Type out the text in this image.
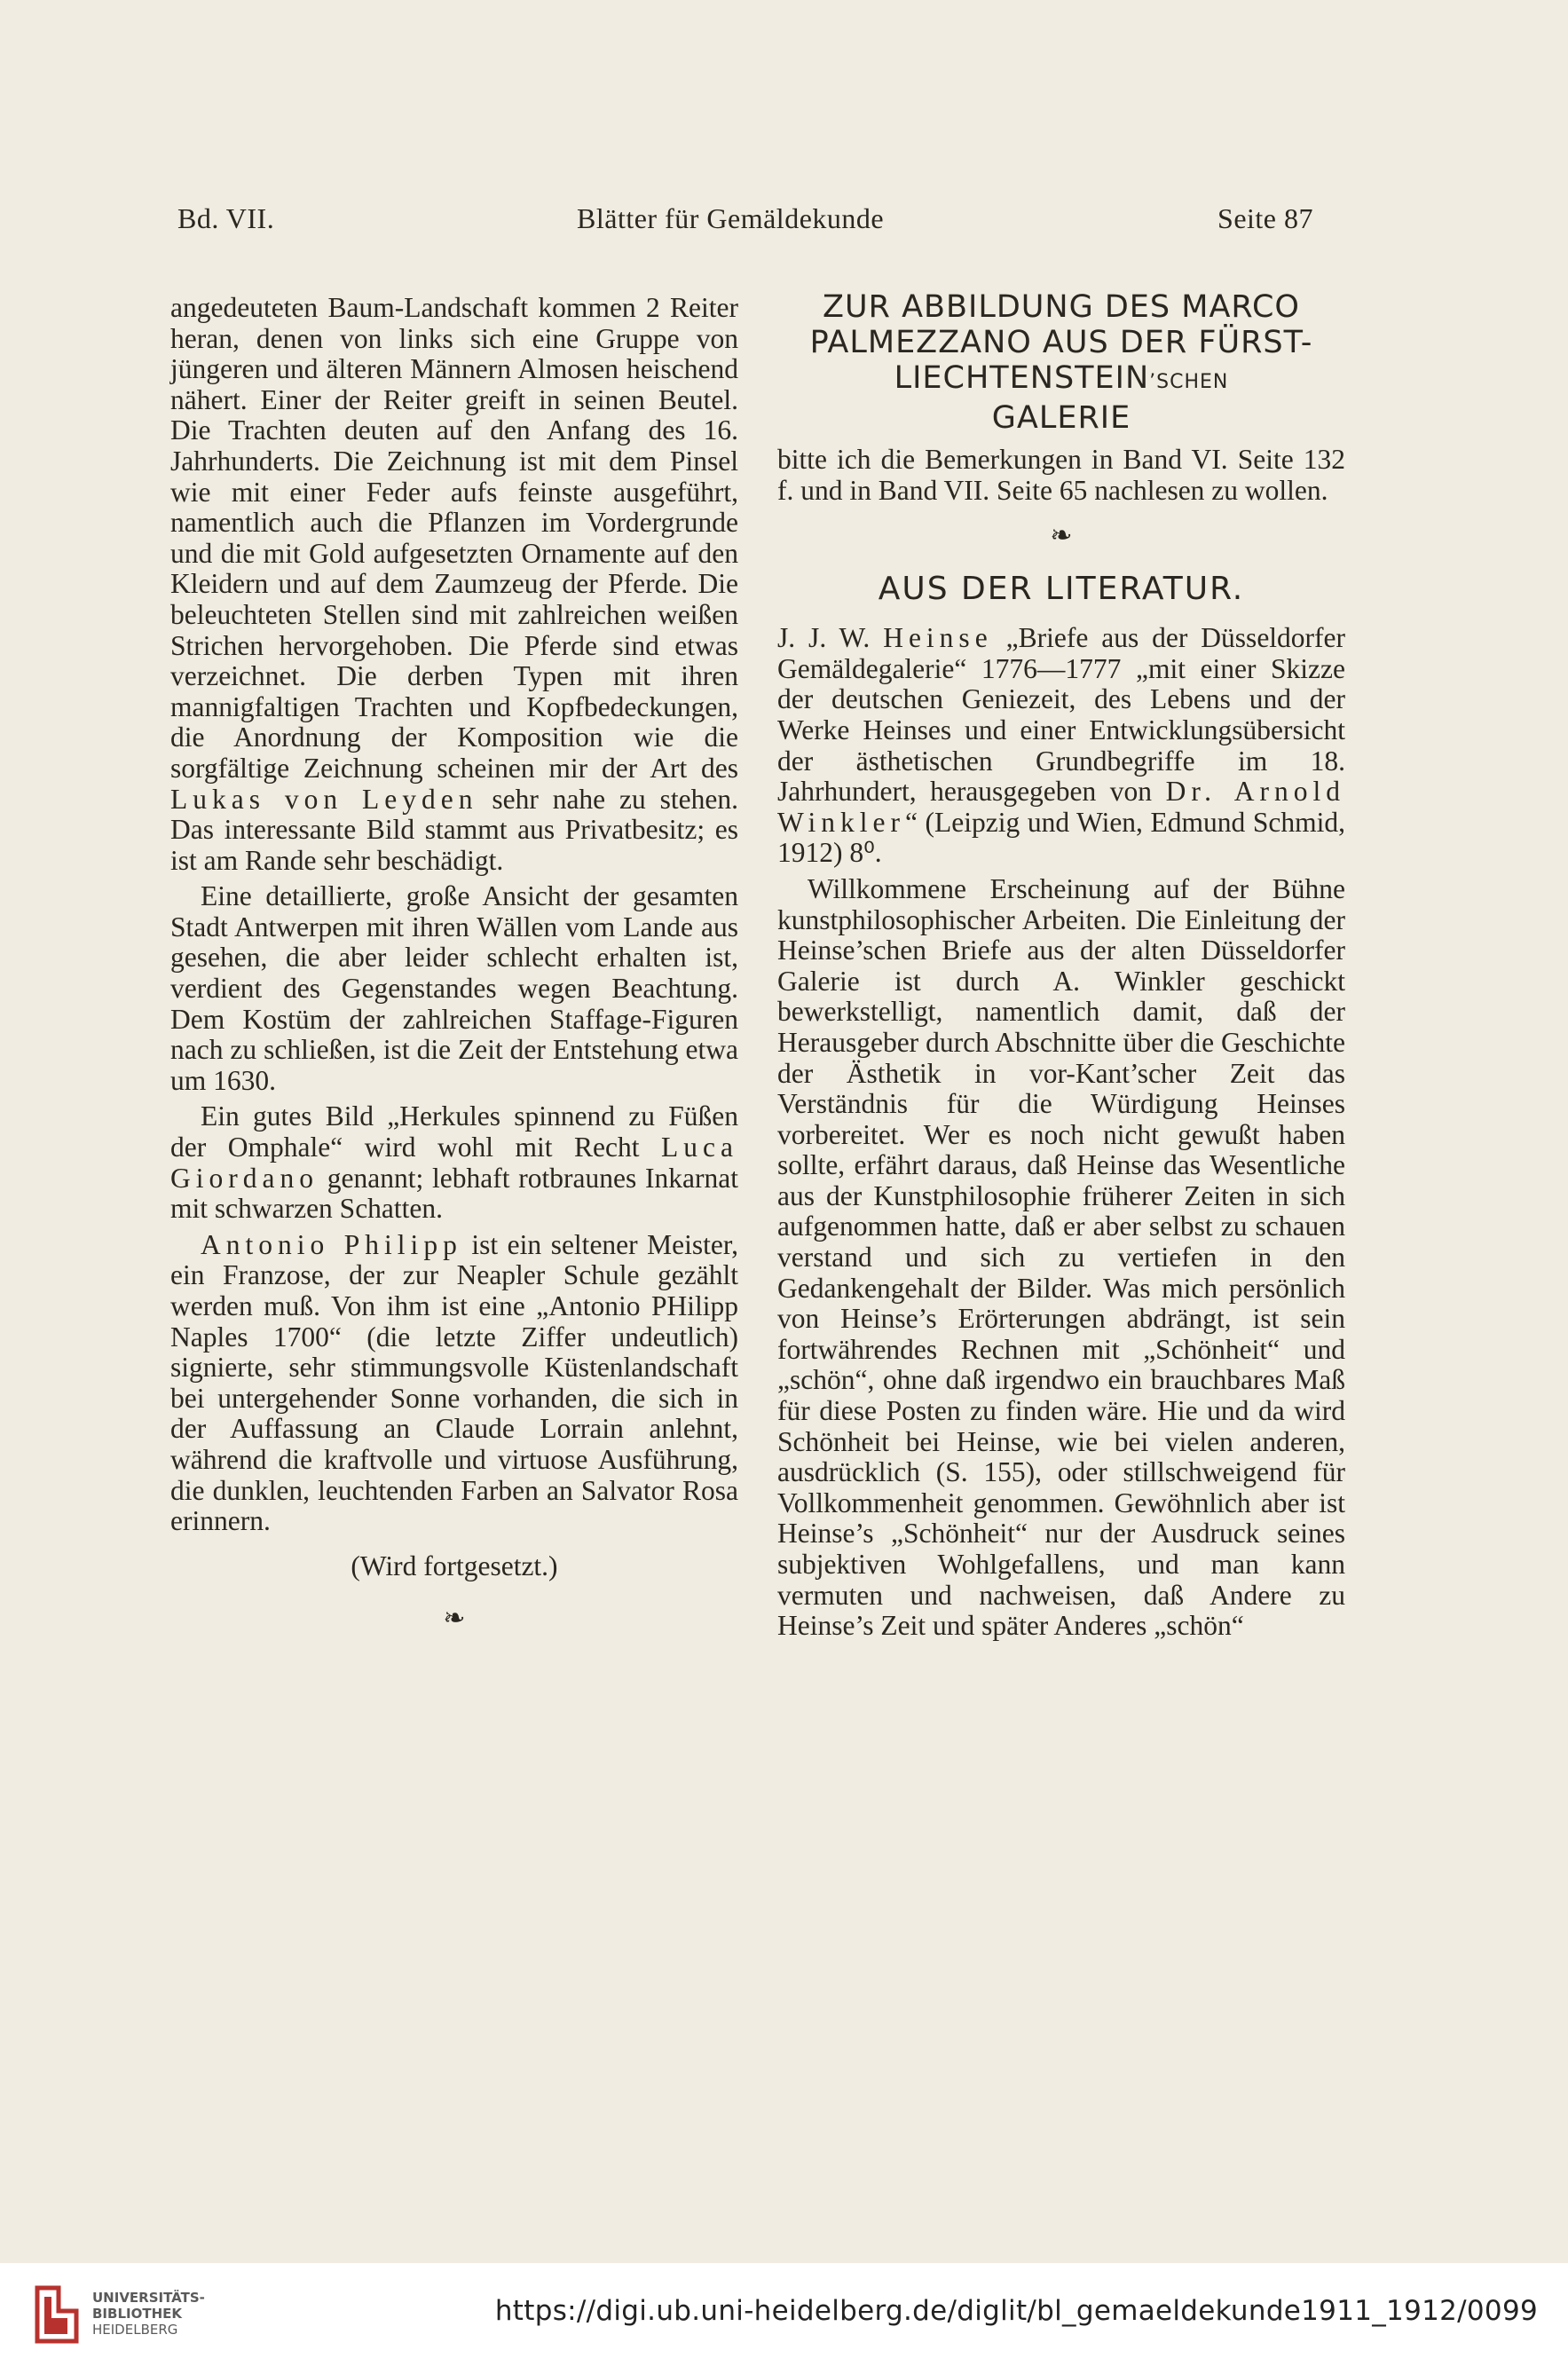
Bd. VII.	Blätter für Gemäldekunde	Seite 87

angedeuteten Baum-Landschaft kommen 2 Reiter heran, denen von links sich eine Gruppe von jüngeren und älteren Männern Almosen heischend nähert. Einer der Reiter greift in seinen Beutel. Die Trachten deuten auf den Anfang des 16. Jahrhunderts. Die Zeichnung ist mit dem Pinsel wie mit einer Feder aufs feinste ausgeführt, namentlich auch die Pflanzen im Vordergrunde und die mit Gold aufgesetzten Ornamente auf den Kleidern und auf dem Zaumzeug der Pferde. Die beleuchteten Stellen sind mit zahlreichen weißen Strichen hervorgehoben. Die Pferde sind etwas verzeichnet. Die derben Typen mit ihren mannigfaltigen Trachten und Kopfbedeckungen, die Anordnung der Komposition wie die sorgfältige Zeichnung scheinen mir der Art des Lukas von Leyden sehr nahe zu stehen. Das interessante Bild stammt aus Privatbesitz; es ist am Rande sehr beschädigt.

Eine detaillierte, große Ansicht der gesamten Stadt Antwerpen mit ihren Wällen vom Lande aus gesehen, die aber leider schlecht erhalten ist, verdient des Gegenstandes wegen Beachtung. Dem Kostüm der zahlreichen Staffage-Figuren nach zu schließen, ist die Zeit der Entstehung etwa um 1630.

Ein gutes Bild „Herkules spinnend zu Füßen der Omphale“ wird wohl mit Recht Luca Giordano genannt; lebhaft rotbraunes Inkarnat mit schwarzen Schatten.

Antonio Philipp ist ein seltener Meister, ein Franzose, der zur Neapler Schule gezählt werden muß. Von ihm ist eine „Antonio PHilipp Naples 1700“ (die letzte Ziffer undeutlich) signierte, sehr stimmungsvolle Küstenlandschaft bei untergehender Sonne vorhanden, die sich in der Auffassung an Claude Lorrain anlehnt, während die kraftvolle und virtuose Ausführung, die dunklen, leuchtenden Farben an Salvator Rosa erinnern.

(Wird fortgesetzt.)

❧
ZUR ABBILDUNG DES MARCO PALMEZZANO AUS DER FÜRST-LIECHTENSTEIN’SCHEN
GALERIE

bitte ich die Bemerkungen in Band VI. Seite 132 f. und in Band VII. Seite 65 nachlesen zu wollen.

❧
AUS DER LITERATUR.

J. J. W. Heinse „Briefe aus der Düsseldorfer Gemäldegalerie“ 1776—1777 „mit einer Skizze der deutschen Geniezeit, des Lebens und der Werke Heinses und einer Entwicklungsübersicht der ästhetischen Grundbegriffe im 18. Jahrhundert, herausgegeben von Dr. Arnold Winkler“ (Leipzig und Wien, Edmund Schmid, 1912) 8⁰.

Willkommene Erscheinung auf der Bühne kunstphilosophischer Arbeiten. Die Einleitung der Heinse’schen Briefe aus der alten Düsseldorfer Galerie ist durch A. Winkler geschickt bewerkstelligt, namentlich damit, daß der Herausgeber durch Abschnitte über die Geschichte der Ästhetik in vor-Kant’scher Zeit das Verständnis für die Würdigung Heinses vorbereitet. Wer es noch nicht gewußt haben sollte, erfährt daraus, daß Heinse das Wesentliche aus der Kunstphilosophie früherer Zeiten in sich aufgenommen hatte, daß er aber selbst zu schauen verstand und sich zu vertiefen in den Gedankengehalt der Bilder. Was mich persönlich von Heinse’s Erörterungen abdrängt, ist sein fortwährendes Rechnen mit „Schönheit“ und „schön“, ohne daß irgendwo ein brauchbares Maß für diese Posten zu finden wäre. Hie und da wird Schönheit bei Heinse, wie bei vielen anderen, ausdrücklich (S. 155), oder stillschweigend für Vollkommenheit genommen. Gewöhnlich aber ist Heinse’s „Schönheit“ nur der Ausdruck seines subjektiven Wohlgefallens, und man kann vermuten und nachweisen, daß Andere zu Heinse’s Zeit und später Anderes „schön“

UNIVERSITÄTS-
BIBLIOTHEK
HEIDELBERG
https://digi.ub.uni-heidelberg.de/diglit/bl_gemaeldekunde1911_1912/0099
